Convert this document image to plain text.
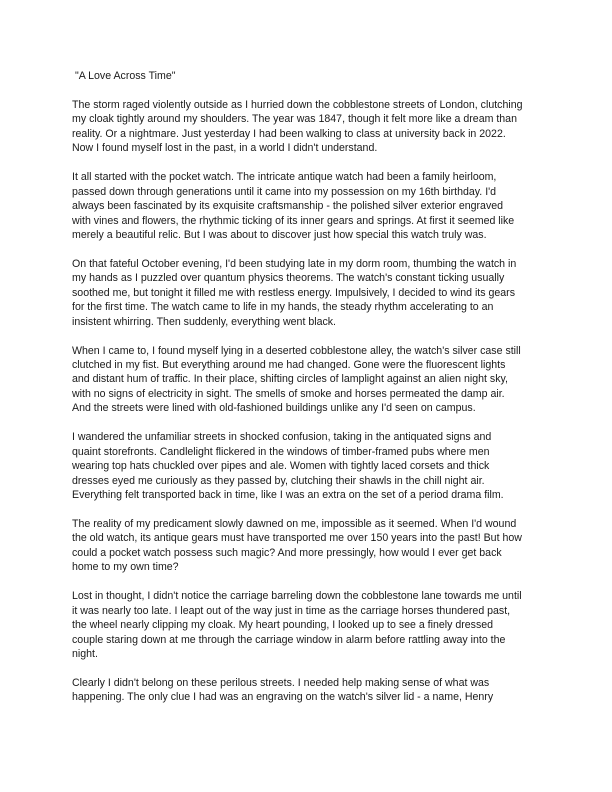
"A Love Across Time"
The storm raged violently outside as I hurried down the cobblestone streets of London, clutching
my cloak tightly around my shoulders. The year was 1847, though it felt more like a dream than
reality. Or a nightmare. Just yesterday I had been walking to class at university back in 2022.
Now I found myself lost in the past, in a world I didn't understand.
It all started with the pocket watch. The intricate antique watch had been a family heirloom,
passed down through generations until it came into my possession on my 16th birthday. I'd
always been fascinated by its exquisite craftsmanship - the polished silver exterior engraved
with vines and flowers, the rhythmic ticking of its inner gears and springs. At first it seemed like
merely a beautiful relic. But I was about to discover just how special this watch truly was.
On that fateful October evening, I'd been studying late in my dorm room, thumbing the watch in
my hands as I puzzled over quantum physics theorems. The watch's constant ticking usually
soothed me, but tonight it filled me with restless energy. Impulsively, I decided to wind its gears
for the first time. The watch came to life in my hands, the steady rhythm accelerating to an
insistent whirring. Then suddenly, everything went black.
When I came to, I found myself lying in a deserted cobblestone alley, the watch's silver case still
clutched in my fist. But everything around me had changed. Gone were the fluorescent lights
and distant hum of traffic. In their place, shifting circles of lamplight against an alien night sky,
with no signs of electricity in sight. The smells of smoke and horses permeated the damp air.
And the streets were lined with old-fashioned buildings unlike any I'd seen on campus.
I wandered the unfamiliar streets in shocked confusion, taking in the antiquated signs and
quaint storefronts. Candlelight flickered in the windows of timber-framed pubs where men
wearing top hats chuckled over pipes and ale. Women with tightly laced corsets and thick
dresses eyed me curiously as they passed by, clutching their shawls in the chill night air.
Everything felt transported back in time, like I was an extra on the set of a period drama film.
The reality of my predicament slowly dawned on me, impossible as it seemed. When I'd wound
the old watch, its antique gears must have transported me over 150 years into the past! But how
could a pocket watch possess such magic? And more pressingly, how would I ever get back
home to my own time?
Lost in thought, I didn't notice the carriage barreling down the cobblestone lane towards me until
it was nearly too late. I leapt out of the way just in time as the carriage horses thundered past,
the wheel nearly clipping my cloak. My heart pounding, I looked up to see a finely dressed
couple staring down at me through the carriage window in alarm before rattling away into the
night.
Clearly I didn't belong on these perilous streets. I needed help making sense of what was
happening. The only clue I had was an engraving on the watch's silver lid - a name, Henry
